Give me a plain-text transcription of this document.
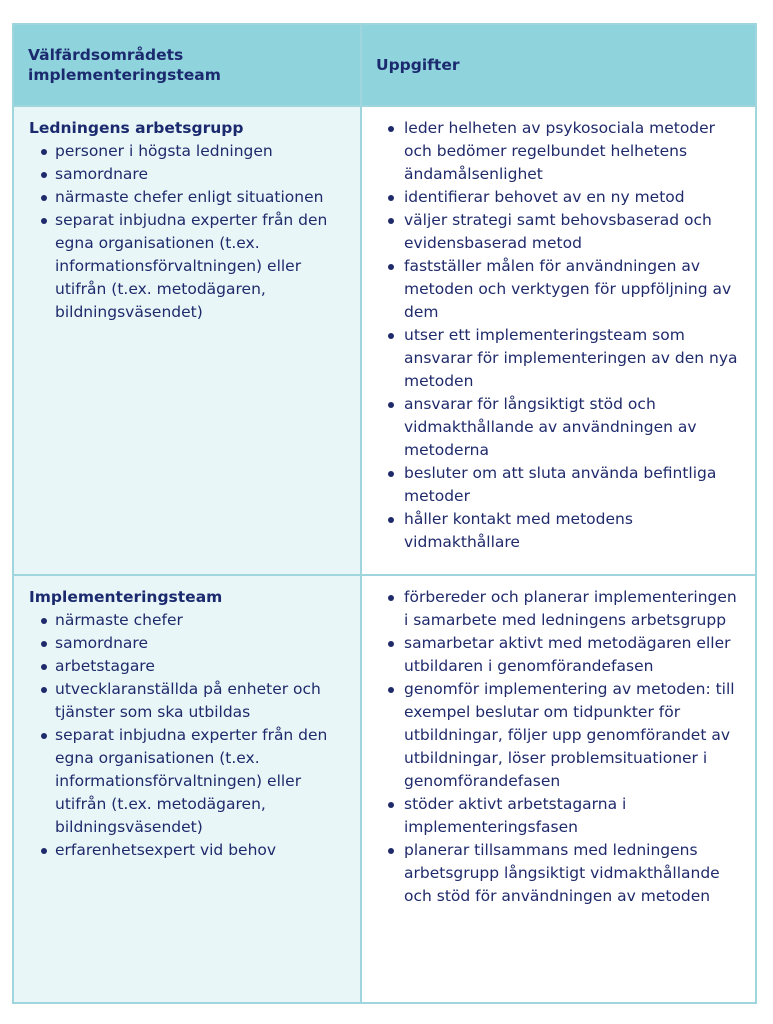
Välfärdsområdets implementeringsteam
Uppgifter

Ledningens arbetsgrupp

personer i högsta ledningen
samordnare
närmaste chefer enligt situationen
separat inbjudna experter från den egna organisationen (t.ex. informationsförvaltningen) eller utifrån (t.ex. metodägaren, bildningsväsendet)
leder helheten av psykosociala metoder och bedömer regelbundet helhetens ändamålsenlighet
identifierar behovet av en ny metod
väljer strategi samt behovsbaserad och evidensbaserad metod
fastställer målen för användningen av metoden och verktygen för uppföljning av dem
utser ett implementeringsteam som ansvarar för implementeringen av den nya metoden
ansvarar för långsiktigt stöd och vidmakthållande av användningen av metoderna
besluter om att sluta använda befintliga metoder
håller kontakt med metodens vidmakthållare

Implementeringsteam

närmaste chefer
samordnare
arbetstagare
utvecklaranställda på enheter och tjänster som ska utbildas
separat inbjudna experter från den egna organisationen (t.ex. informationsförvaltningen) eller utifrån (t.ex. metodägaren, bildningsväsendet)
erfarenhetsexpert vid behov
förbereder och planerar implementeringen i samarbete med ledningens arbetsgrupp
samarbetar aktivt med metodägaren eller utbildaren i genomförandefasen
genomför implementering av metoden: till exempel beslutar om tidpunkter för utbildningar, följer upp genomförandet av utbildningar, löser problemsituationer i genomförandefasen
stöder aktivt arbetstagarna i implementeringsfasen
planerar tillsammans med ledningens arbetsgrupp långsiktigt vidmakthållande och stöd för användningen av metoden
